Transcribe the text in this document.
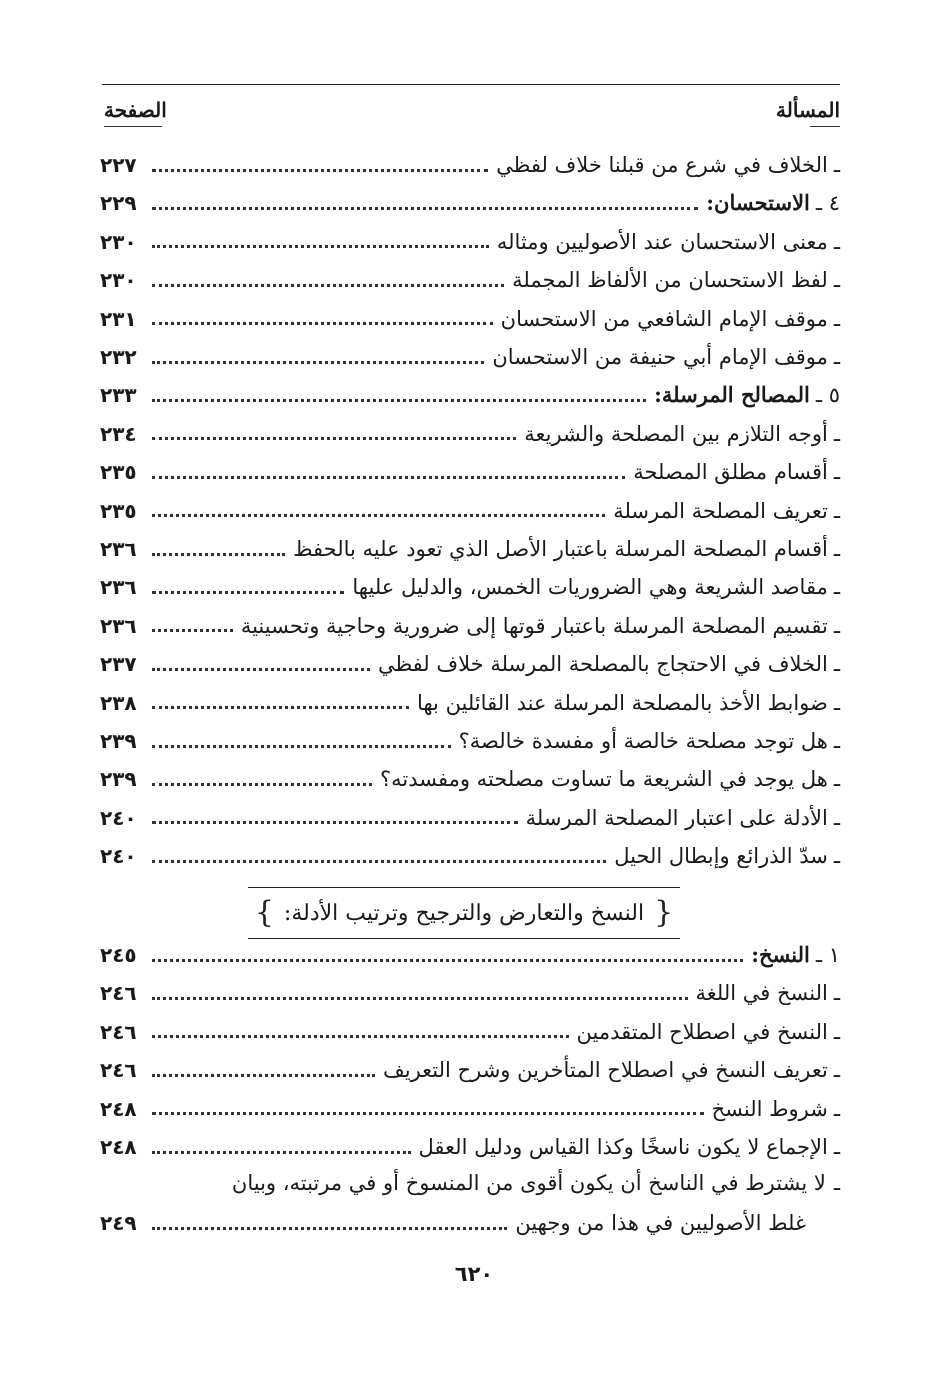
المسألة
الصفحة
ـ
الخلاف في شرع من قبلنا خلاف لفظي
٢٢٧
٤ ـ
الاستحسان:
٢٢٩
ـ
معنى الاستحسان عند الأصوليين ومثاله
٢٣٠
ـ
لفظ الاستحسان من الألفاظ المجملة
٢٣٠
ـ
موقف الإمام الشافعي من الاستحسان
٢٣١
ـ
موقف الإمام أبي حنيفة من الاستحسان
٢٣٢
٥ ـ
المصالح المرسلة:
٢٣٣
ـ
أوجه التلازم بين المصلحة والشريعة
٢٣٤
ـ
أقسام مطلق المصلحة
٢٣٥
ـ
تعريف المصلحة المرسلة
٢٣٥
ـ
أقسام المصلحة المرسلة باعتبار الأصل الذي تعود عليه بالحفظ
٢٣٦
ـ
مقاصد الشريعة وهي الضروريات الخمس، والدليل عليها
٢٣٦
ـ
تقسيم المصلحة المرسلة باعتبار قوتها إلى ضرورية وحاجية وتحسينية
٢٣٦
ـ
الخلاف في الاحتجاج بالمصلحة المرسلة خلاف لفظي
٢٣٧
ـ
ضوابط الأخذ بالمصلحة المرسلة عند القائلين بها
٢٣٨
ـ
هل توجد مصلحة خالصة أو مفسدة خالصة؟
٢٣٩
ـ
هل يوجد في الشريعة ما تساوت مصلحته ومفسدته؟
٢٣٩
ـ
الأدلة على اعتبار المصلحة المرسلة
٢٤٠
ـ
سدّ الذرائع وإبطال الحيل
٢٤٠
{
النسخ والتعارض والترجيح وترتيب الأدلة:
}
١ ـ
النسخ:
٢٤٥
ـ
النسخ في اللغة
٢٤٦
ـ
النسخ في اصطلاح المتقدمين
٢٤٦
ـ
تعريف النسخ في اصطلاح المتأخرين وشرح التعريف
٢٤٦
ـ
شروط النسخ
٢٤٨
ـ
الإجماع لا يكون ناسخًا وكذا القياس ودليل العقل
٢٤٨
ـ
لا يشترط في الناسخ أن يكون أقوى من المنسوخ أو في مرتبته، وبيان
غلط الأصوليين في هذا من وجهين
٢٤٩
٦٢٠
